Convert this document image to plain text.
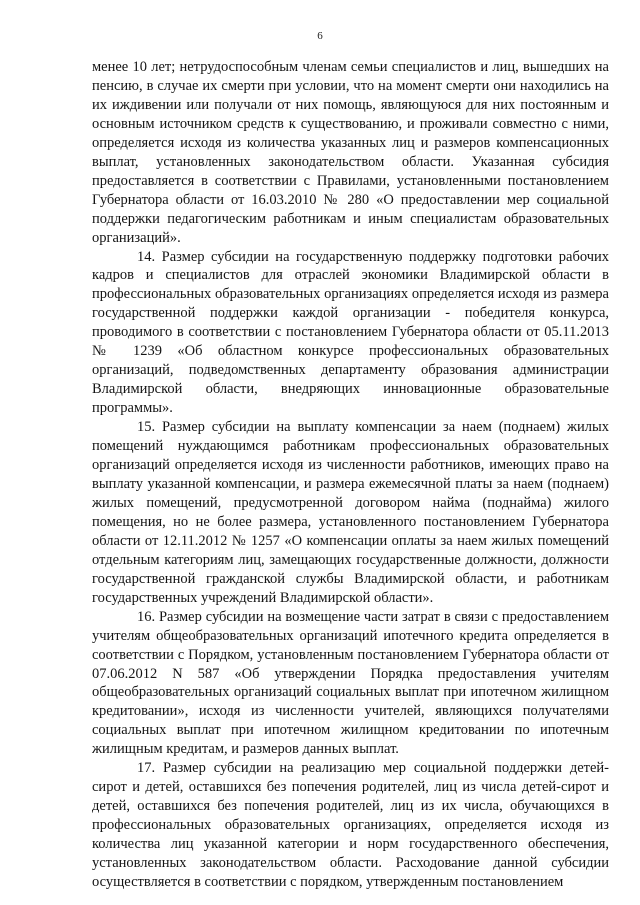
6

менее 10 лет; нетрудоспособным членам семьи специалистов и лиц, вышедших на пенсию, в случае их смерти при условии, что на момент смерти они находились на их иждивении или получали от них помощь, являющуюся для них постоянным и основным источником средств к существованию, и проживали совместно с ними, определяется исходя из количества указанных лиц и размеров компенсационных выплат, установленных законодательством области. Указанная субсидия предоставляется в соответствии с Правилами, установленными постановлением Губернатора области от 16.03.2010 № 280 «О предоставлении мер социальной поддержки педагогическим работникам и иным специалистам образовательных организаций».

14. Размер субсидии на государственную поддержку подготовки рабочих кадров и специалистов для отраслей экономики Владимирской области в профессиональных образовательных организациях определяется исходя из размера государственной поддержки каждой организации - победителя конкурса, проводимого в соответствии с постановлением Губернатора области от 05.11.2013 № 1239 «Об областном конкурсе профессиональных образовательных организаций, подведомственных департаменту образования администрации Владимирской области, внедряющих инновационные образовательные программы».

15. Размер субсидии на выплату компенсации за наем (поднаем) жилых помещений нуждающимся работникам профессиональных образовательных организаций определяется исходя из численности работников, имеющих право на выплату указанной компенсации, и размера ежемесячной платы за наем (поднаем) жилых помещений, предусмотренной договором найма (поднайма) жилого помещения, но не более размера, установленного постановлением Губернатора области от 12.11.2012 № 1257 «О компенсации оплаты за наем жилых помещений отдельным категориям лиц, замещающих государственные должности, должности государственной гражданской службы Владимирской области, и работникам государственных учреждений Владимирской области».

16. Размер субсидии на возмещение части затрат в связи с предоставлением учителям общеобразовательных организаций ипотечного кредита определяется в соответствии с Порядком, установленным постановлением Губернатора области от 07.06.2012 N 587 «Об утверждении Порядка предоставления учителям общеобразовательных организаций социальных выплат при ипотечном жилищном кредитовании», исходя из численности учителей, являющихся получателями социальных выплат при ипотечном жилищном кредитовании по ипотечным жилищным кредитам, и размеров данных выплат.

17. Размер субсидии на реализацию мер социальной поддержки детей-сирот и детей, оставшихся без попечения родителей, лиц из числа детей-сирот и детей, оставшихся без попечения родителей, лиц из их числа, обучающихся в профессиональных образовательных организациях, определяется исходя из количества лиц указанной категории и норм государственного обеспечения, установленных законодательством области. Расходование данной субсидии осуществляется в соответствии с порядком, утвержденным постановлением
